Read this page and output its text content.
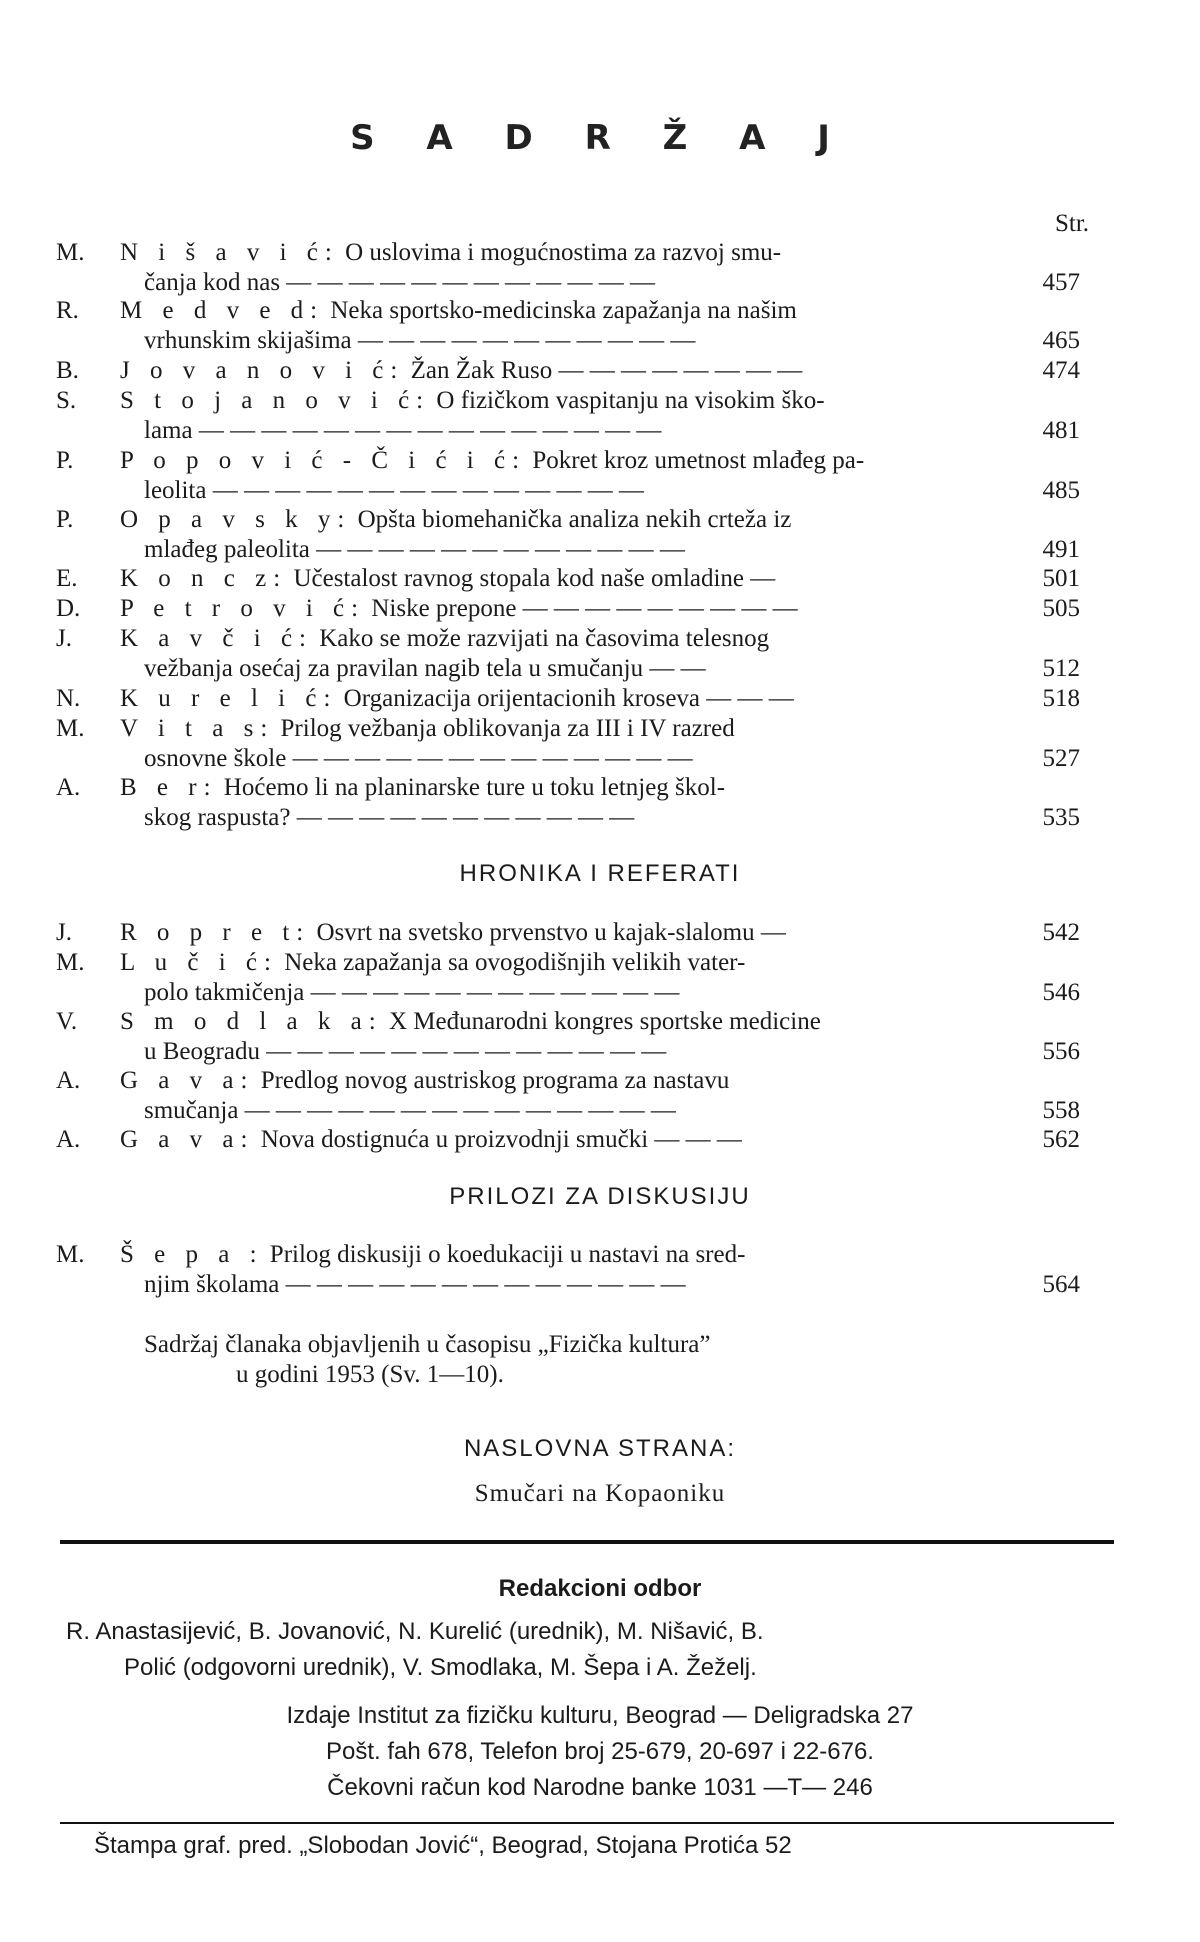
S A D R Ž A J
Str.
M.	N i š a v i ć: O uslovima i mogućnostima za razvoj smu-
čanja kod nas — — — — — — — — — — — —	457
R.	M e d v e d: Neka sportsko-medicinska zapažanja na našim
vrhunskim skijašima — — — — — — — — — — —	465
B.	J o v a n o v i ć: Žan Žak Ruso — — — — — — — —	474
S.	S t o j a n o v i ć: O fizičkom vaspitanju na visokim ško-
lama — — — — — — — — — — — — — — —	481
P.	P o p o v i ć - Č i ć i ć: Pokret kroz umetnost mlađeg pa-
leolita — — — — — — — — — — — — — —	485
P.	O p a v s k y: Opšta biomehanička analiza nekih crteža iz
mlađeg paleolita — — — — — — — — — — — —	491
E.	K o n c z: Učestalost ravnog stopala kod naše omladine —	501
D.	P e t r o v i ć: Niske prepone — — — — — — — — —	505
J.	K a v č i ć: Kako se može razvijati na časovima telesnog
vežbanja osećaj za pravilan nagib tela u smučanju — —	512
N.	K u r e l i ć: Organizacija orijentacionih kroseva — — —	518
M.	V i t a s: Prilog vežbanja oblikovanja za III i IV razred
osnovne škole — — — — — — — — — — — — —	527
A.	B e r: Hoćemo li na planinarske ture u toku letnjeg škol-
skog raspusta? — — — — — — — — — — —	535
HRONIKA I REFERATI
J.	R o p r e t: Osvrt na svetsko prvenstvo u kajak-slalomu —	542
M.	L u č i ć: Neka zapažanja sa ovogodišnjih velikih vater-
polo takmičenja — — — — — — — — — — — —	546
V.	S m o d l a k a: X Međunarodni kongres sportske medicine
u Beogradu — — — — — — — — — — — — —	556
A.	G a v a: Predlog novog austriskog programa za nastavu
smučanja — — — — — — — — — — — — — —	558
A.	G a v a: Nova dostignuća u proizvodnji smučki — — —	562
PRILOZI ZA DISKUSIJU
M.	Š e p a : Prilog diskusiji o koedukaciji u nastavi na sred-
njim školama — — — — — — — — — — — — —	564
Sadržaj članaka objavljenih u časopisu „Fizička kultura”
u godini 1953 (Sv. 1—10).
NASLOVNA STRANA:
Smučari na Kopaoniku
Redakcioni odbor
R. Anastasijević, B. Jovanović, N. Kurelić (urednik), M. Nišavić, B.
Polić (odgovorni urednik), V. Smodlaka, M. Šepa i A. Žeželj.
Izdaje Institut za fizičku kulturu, Beograd — Deligradska 27
Pošt. fah 678, Telefon broj 25-679, 20-697 i 22-676.
Čekovni račun kod Narodne banke 1031 —T— 246
Štampa graf. pred. „Slobodan Jović“, Beograd, Stojana Protića 52
